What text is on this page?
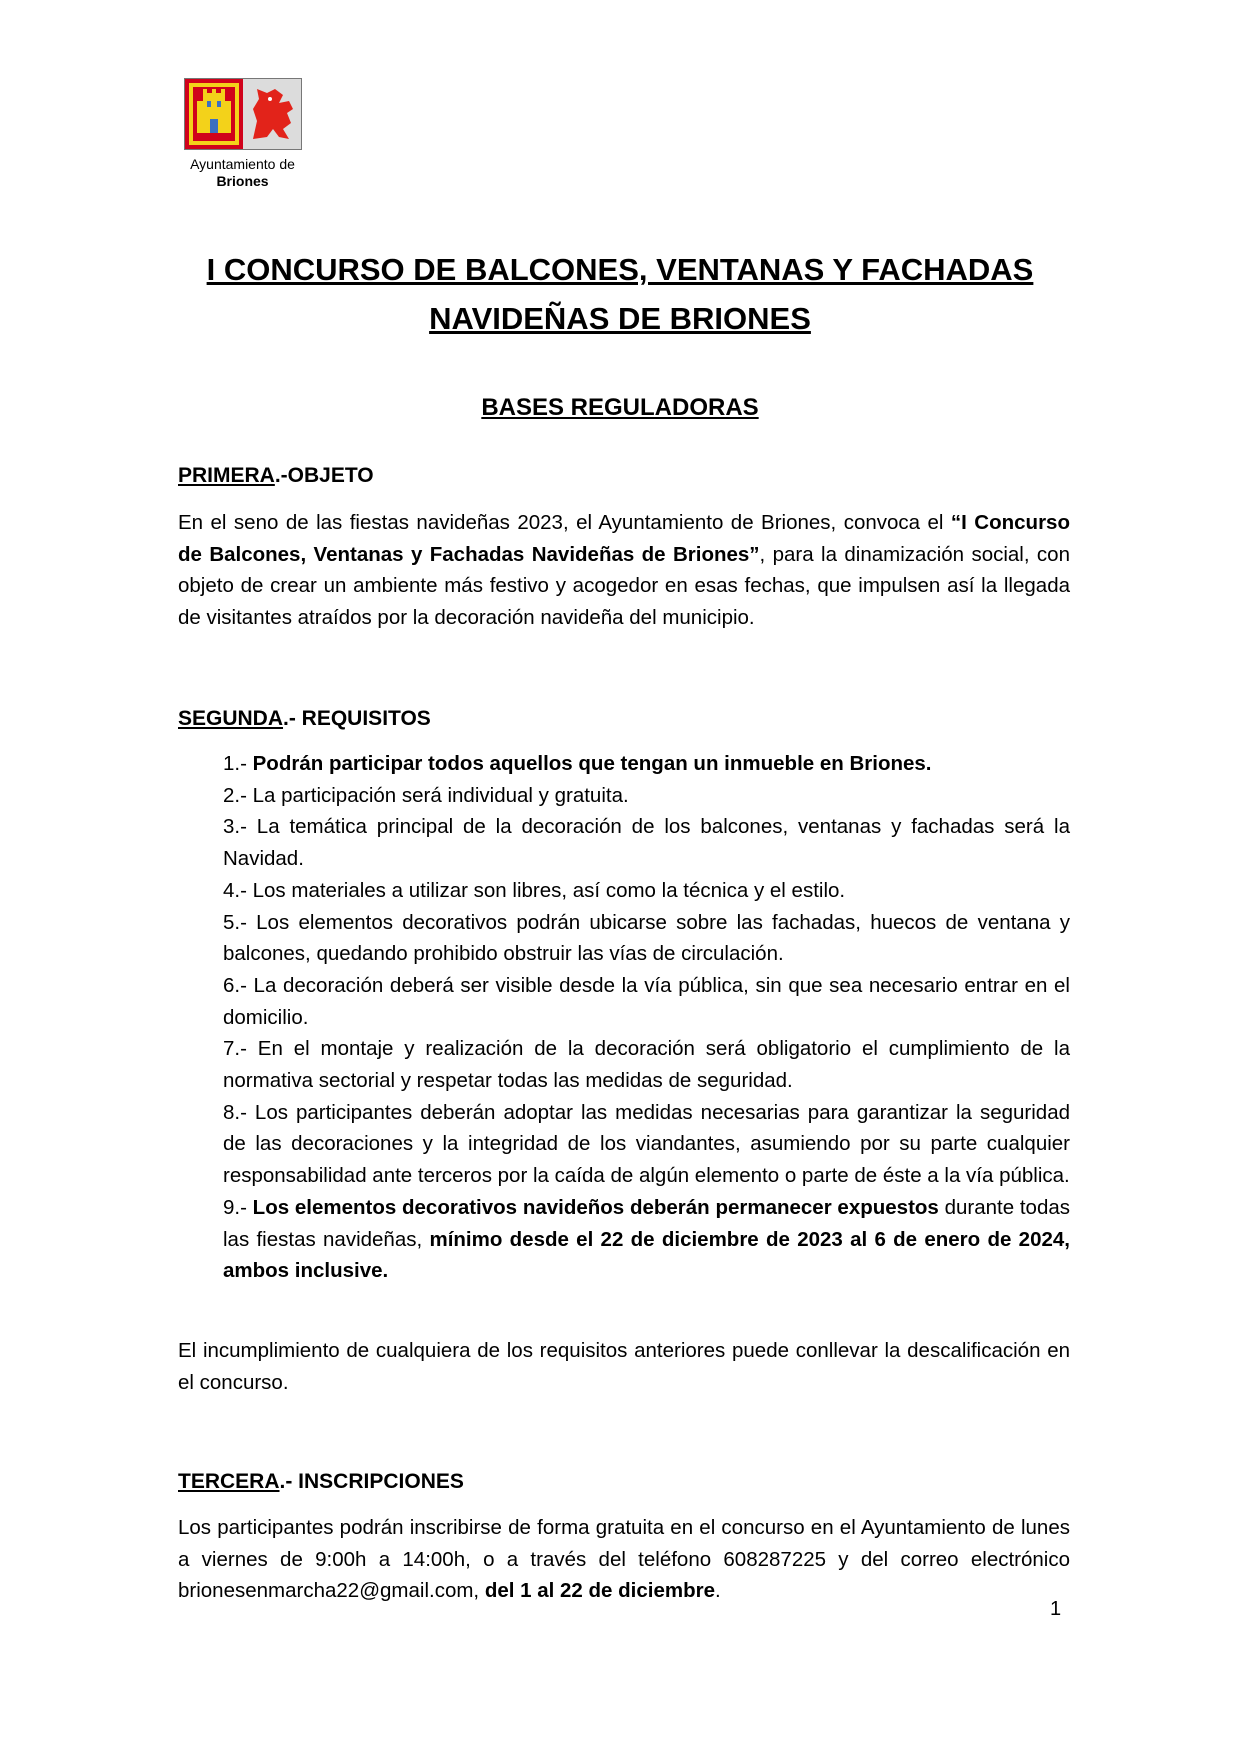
Ayuntamiento de
Briones
I CONCURSO DE BALCONES, VENTANAS Y FACHADAS
NAVIDEÑAS DE BRIONES
BASES REGULADORAS
PRIMERA.-OBJETO

En el seno de las fiestas navideñas 2023, el Ayuntamiento de Briones, convoca el “I Concurso de Balcones, Ventanas y Fachadas Navideñas de Briones”, para la dinamización social, con objeto de crear un ambiente más festivo y acogedor en esas fechas, que impulsen así la llegada de visitantes atraídos por la decoración navideña del municipio.

SEGUNDA.- REQUISITOS
1.- Podrán participar todos aquellos que tengan un inmueble en Briones.
2.- La participación será individual y gratuita.
3.- La temática principal de la decoración de los balcones, ventanas y fachadas será la Navidad.
4.- Los materiales a utilizar son libres, así como la técnica y el estilo.
5.- Los elementos decorativos podrán ubicarse sobre las fachadas, huecos de ventana y balcones, quedando prohibido obstruir las vías de circulación.
6.- La decoración deberá ser visible desde la vía pública, sin que sea necesario entrar en el domicilio.
7.- En el montaje y realización de la decoración será obligatorio el cumplimiento de la normativa sectorial y respetar todas las medidas de seguridad.
8.- Los participantes deberán adoptar las medidas necesarias para garantizar la seguridad de las decoraciones y la integridad de los viandantes, asumiendo por su parte cualquier responsabilidad ante terceros por la caída de algún elemento o parte de éste a la vía pública.
9.- Los elementos decorativos navideños deberán permanecer expuestos durante todas las fiestas navideñas, mínimo desde el 22 de diciembre de 2023 al 6 de enero de 2024, ambos inclusive.

El incumplimiento de cualquiera de los requisitos anteriores puede conllevar la descalificación en el concurso.

TERCERA.- INSCRIPCIONES

Los participantes podrán inscribirse de forma gratuita en el concurso en el Ayuntamiento de lunes a viernes de 9:00h a 14:00h, o a través del teléfono 608287225 y del correo electrónico brionesenmarcha22@gmail.com, del 1 al 22 de diciembre.

1
